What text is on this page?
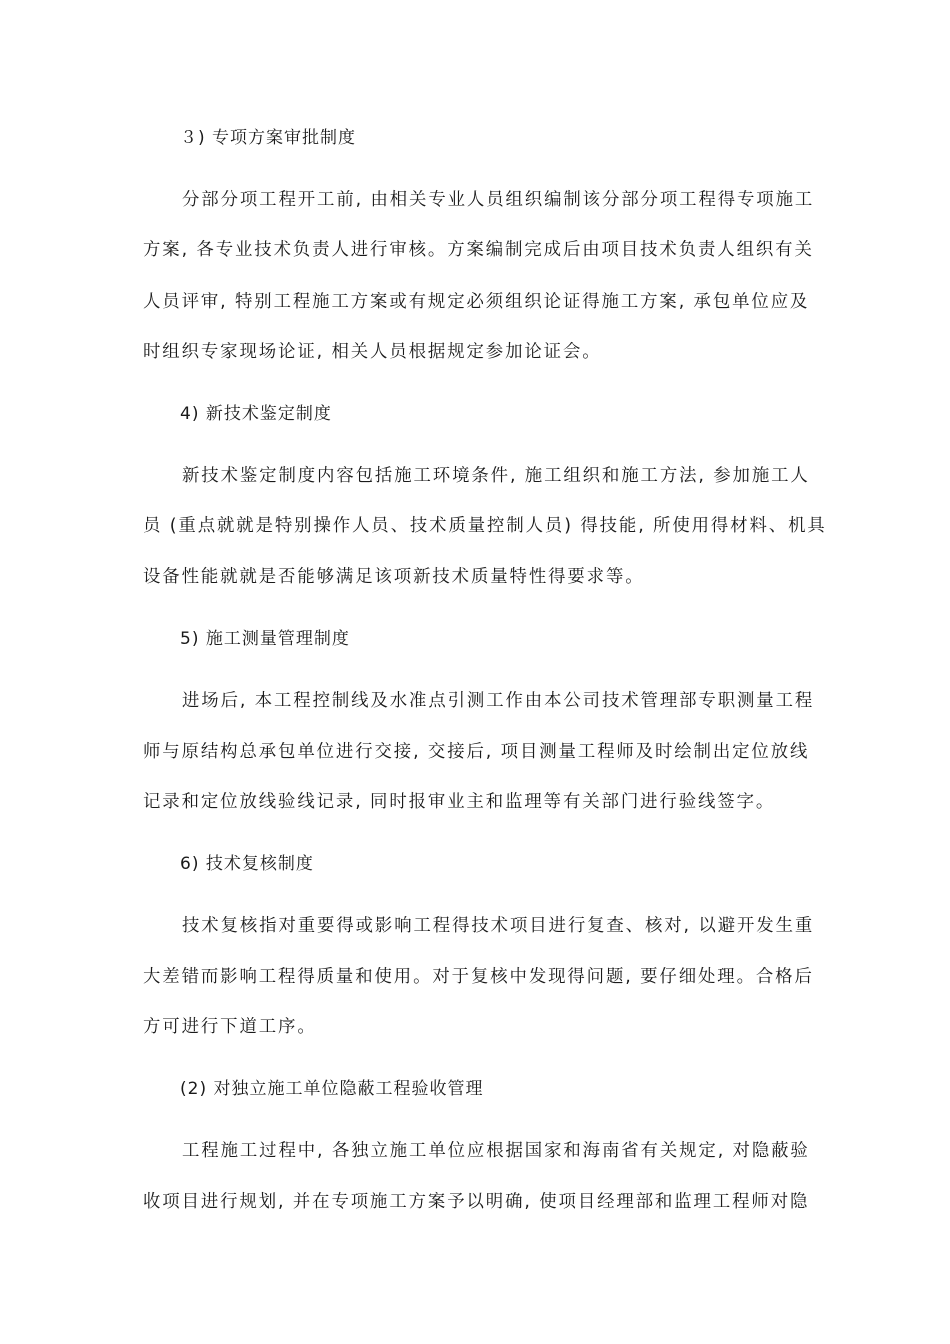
３) 专项方案审批制度
分部分项工程开工前, 由相关专业人员组织编制该分部分项工程得专项施工
方案, 各专业技术负责人进行审核。方案编制完成后由项目技术负责人组织有关
人员评审, 特别工程施工方案或有规定必须组织论证得施工方案, 承包单位应及
时组织专家现场论证, 相关人员根据规定参加论证会。
4) 新技术鉴定制度
新技术鉴定制度内容包括施工环境条件, 施工组织和施工方法, 参加施工人
员 (重点就就是特别操作人员、技术质量控制人员) 得技能, 所使用得材料、机具
设备性能就就是否能够满足该项新技术质量特性得要求等。
5) 施工测量管理制度
进场后, 本工程控制线及水准点引测工作由本公司技术管理部专职测量工程
师与原结构总承包单位进行交接, 交接后, 项目测量工程师及时绘制出定位放线
记录和定位放线验线记录, 同时报审业主和监理等有关部门进行验线签字。
6) 技术复核制度
技术复核指对重要得或影响工程得技术项目进行复查、核对, 以避开发生重
大差错而影响工程得质量和使用。对于复核中发现得问题, 要仔细处理。合格后
方可进行下道工序。
(2) 对独立施工单位隐蔽工程验收管理
工程施工过程中, 各独立施工单位应根据国家和海南省有关规定, 对隐蔽验
收项目进行规划, 并在专项施工方案予以明确, 使项目经理部和监理工程师对隐
